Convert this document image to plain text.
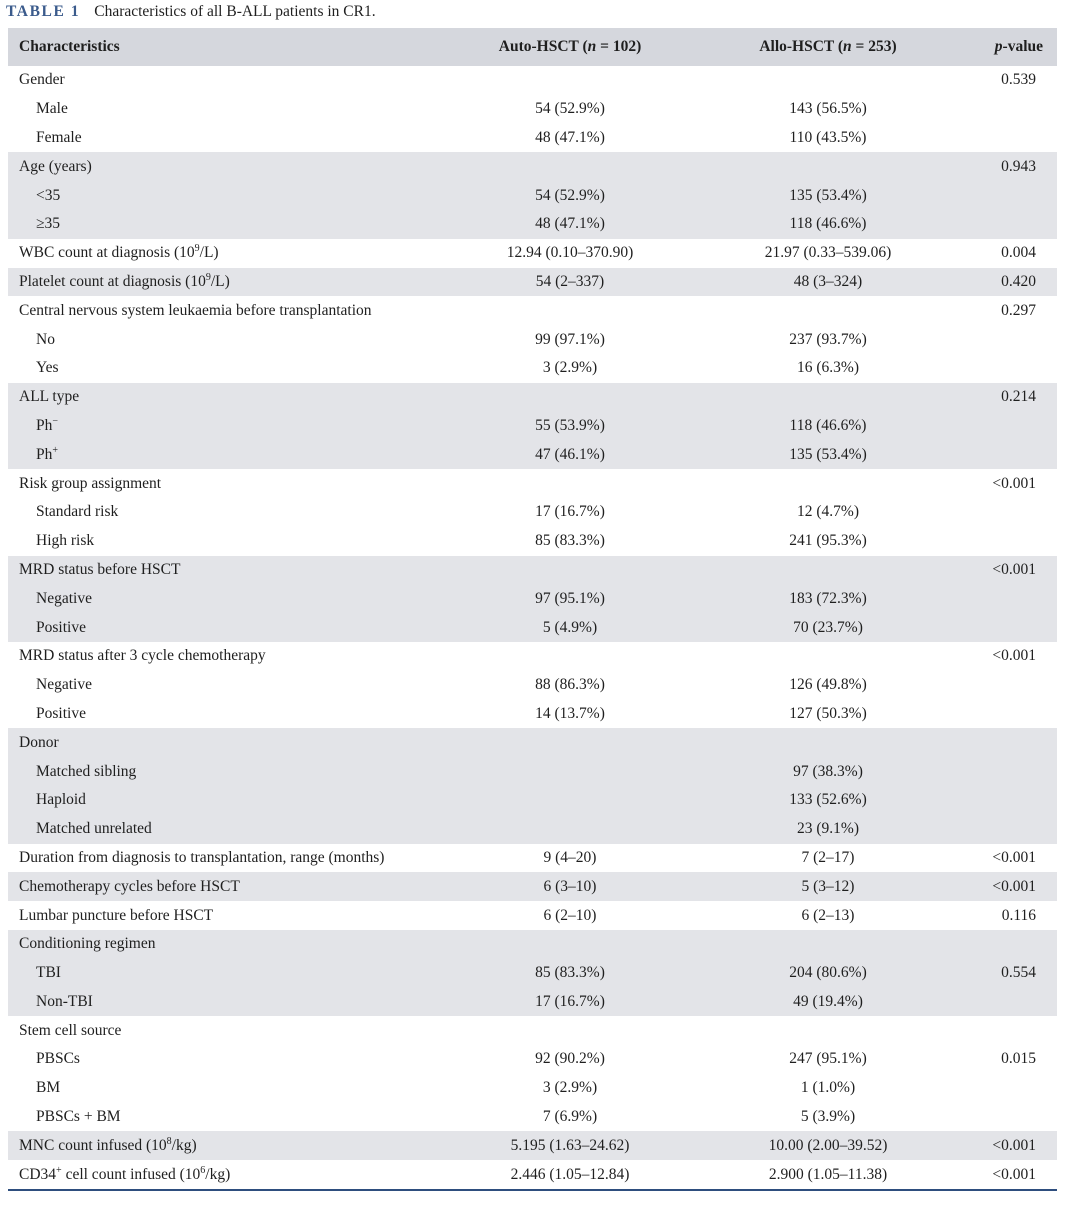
TABLE 1 Characteristics of all B-ALL patients in CR1.
Characteristics	Auto-HSCT (n = 102)	Allo-HSCT (n = 253)	p-value
Gender			0.539
Male	54 (52.9%)	143 (56.5%)	
Female	48 (47.1%)	110 (43.5%)	
Age (years)			0.943
<35	54 (52.9%)	135 (53.4%)	
≥35	48 (47.1%)	118 (46.6%)	
WBC count at diagnosis $(10^9/L)$	12.94 (0.10–370.90)	21.97 (0.33–539.06)	0.004
Platelet count at diagnosis $(10^9/L)$	54 (2–337)	48 (3–324)	0.420
Central nervous system leukaemia before transplantation			0.297
No	99 (97.1%)	237 (93.7%)	
Yes	3 (2.9%)	16 (6.3%)	
ALL type			0.214
Ph−	55 (53.9%)	118 (46.6%)	
Ph+	47 (46.1%)	135 (53.4%)	
Risk group assignment			<0.001
Standard risk	17 (16.7%)	12 (4.7%)	
High risk	85 (83.3%)	241 (95.3%)	
MRD status before HSCT			<0.001
Negative	97 (95.1%)	183 (72.3%)	
Positive	5 (4.9%)	70 (23.7%)	
MRD status after 3 cycle chemotherapy			<0.001
Negative	88 (86.3%)	126 (49.8%)	
Positive	14 (13.7%)	127 (50.3%)	
Donor			
Matched sibling		97 (38.3%)	
Haploid		133 (52.6%)	
Matched unrelated		23 (9.1%)	
Duration from diagnosis to transplantation, range (months)	9 (4–20)	7 (2–17)	<0.001
Chemotherapy cycles before HSCT	6 (3–10)	5 (3–12)	<0.001
Lumbar puncture before HSCT	6 (2–10)	6 (2–13)	0.116
Conditioning regimen			
TBI	85 (83.3%)	204 (80.6%)	0.554
Non-TBI	17 (16.7%)	49 (19.4%)	
Stem cell source			
PBSCs	92 (90.2%)	247 (95.1%)	0.015
BM	3 (2.9%)	1 (1.0%)	
PBSCs + BM	7 (6.9%)	5 (3.9%)	
MNC count infused $(10^8/kg)$	5.195 (1.63–24.62)	10.00 (2.00–39.52)	<0.001
CD34+ cell count infused $(10^6/kg)$	2.446 (1.05–12.84)	2.900 (1.05–11.38)	<0.001
